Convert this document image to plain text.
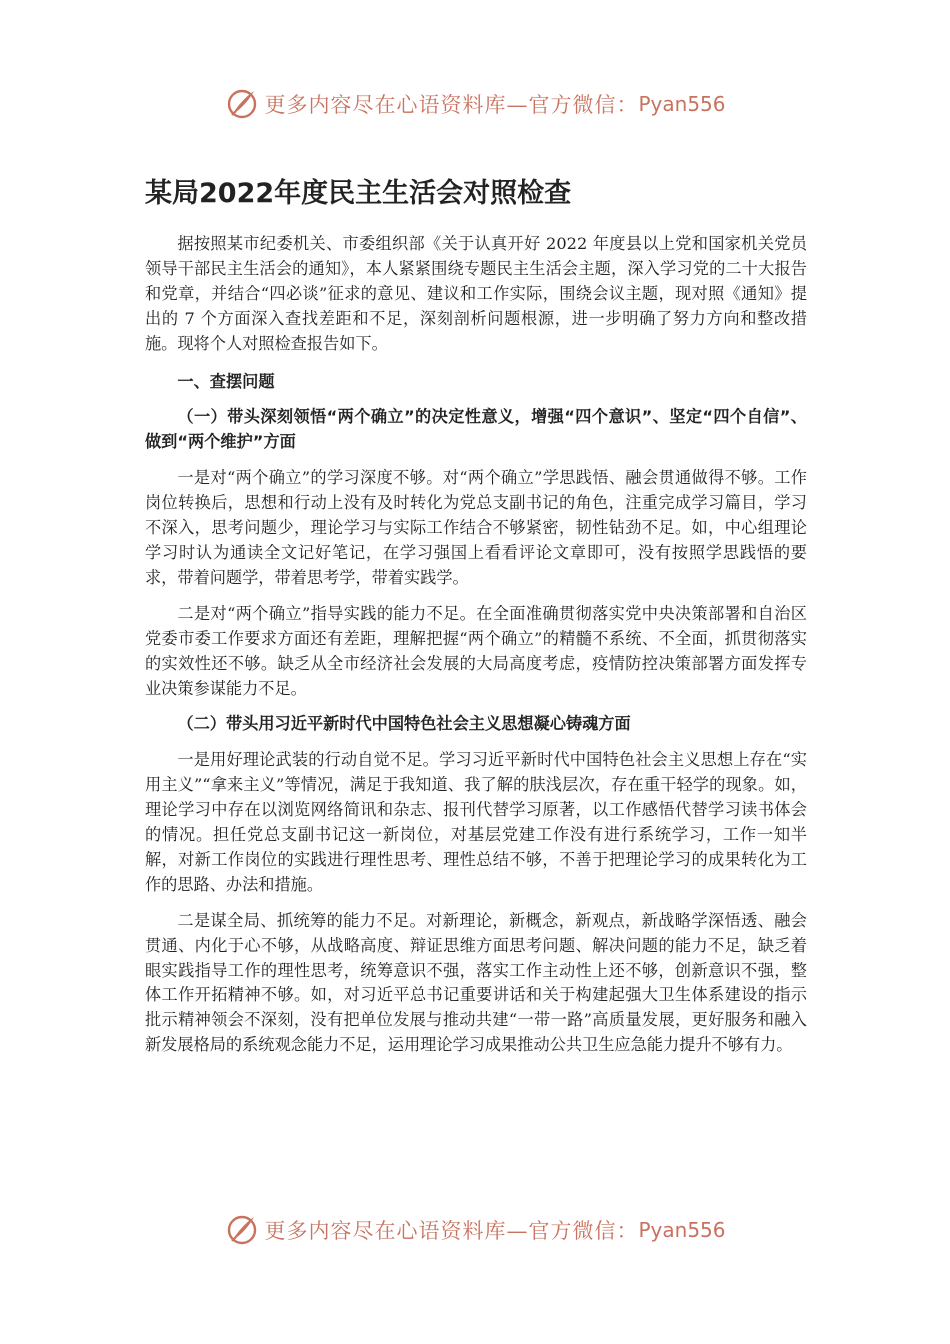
更多内容尽在心语资料库—官方微信： Pyan556
某局2022年度民主生活会对照检查

据按照某市纪委机关、市委组织部《关于认真开好 2022 年度县以上党和国家机关党员领导干部民主生活会的通知》，本人紧紧围绕专题民主生活会主题，深入学习党的二十大报告和党章，并结合“四必谈”征求的意见、建议和工作实际，围绕会议主题，现对照《通知》提出的 7 个方面深入查找差距和不足，深刻剖析问题根源，进一步明确了努力方向和整改措施。现将个人对照检查报告如下。

一、查摆问题

（一）带头深刻领悟“两个确立”的决定性意义，增强“四个意识”、坚定“四个自信”、做到“两个维护”方面

一是对“两个确立”的学习深度不够。对“两个确立”学思践悟、融会贯通做得不够。工作岗位转换后，思想和行动上没有及时转化为党总支副书记的角色，注重完成学习篇目，学习不深入，思考问题少，理论学习与实际工作结合不够紧密，韧性钻劲不足。如，中心组理论学习时认为通读全文记好笔记，在学习强国上看看评论文章即可，没有按照学思践悟的要求，带着问题学，带着思考学，带着实践学。

二是对“两个确立”指导实践的能力不足。在全面准确贯彻落实党中央决策部署和自治区党委市委工作要求方面还有差距，理解把握“两个确立”的精髓不系统、不全面，抓贯彻落实的实效性还不够。缺乏从全市经济社会发展的大局高度考虑，疫情防控决策部署方面发挥专业决策参谋能力不足。

（二）带头用习近平新时代中国特色社会主义思想凝心铸魂方面

一是用好理论武装的行动自觉不足。学习习近平新时代中国特色社会主义思想上存在“实用主义”“拿来主义”等情况，满足于我知道、我了解的肤浅层次，存在重干轻学的现象。如，理论学习中存在以浏览网络简讯和杂志、报刊代替学习原著，以工作感悟代替学习读书体会的情况。担任党总支副书记这一新岗位，对基层党建工作没有进行系统学习，工作一知半解，对新工作岗位的实践进行理性思考、理性总结不够，不善于把理论学习的成果转化为工作的思路、办法和措施。

二是谋全局、抓统筹的能力不足。对新理论，新概念，新观点，新战略学深悟透、融会贯通、内化于心不够，从战略高度、辩证思维方面思考问题、解决问题的能力不足，缺乏着眼实践指导工作的理性思考，统筹意识不强，落实工作主动性上还不够，创新意识不强，整体工作开拓精神不够。如，对习近平总书记重要讲话和关于构建起强大卫生体系建设的指示批示精神领会不深刻，没有把单位发展与推动共建“一带一路”高质量发展，更好服务和融入新发展格局的系统观念能力不足，运用理论学习成果推动公共卫生应急能力提升不够有力。

更多内容尽在心语资料库—官方微信： Pyan556
